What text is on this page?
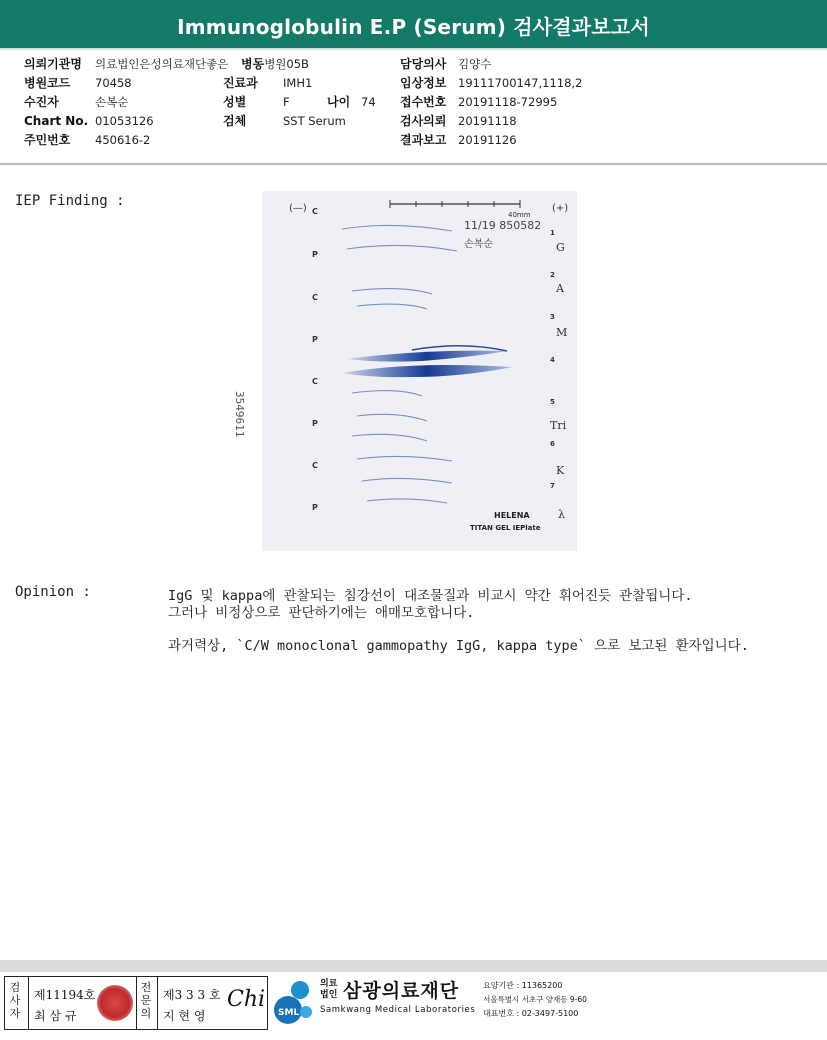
Immunoglobulin E.P (Serum) 검사결과보고서
의뢰기관명	의료법인은성의료재단좋은
병원코드	70458
수진자	손복순
Chart No. 01053126
주민번호	450616-2
병동 병원05B
진료과	IMH1
성별	F	나이 74
검체	SST Serum
담당의사	김양수
임상정보	19111700147,1118,2
접수번호	20191118-72995
검사의뢰	20191118
결과보고	20191126
IEP Finding :	(—)	(+)
40mm
11/19 850582
손복순
3549611
C
P
C
P
C
P
C
P
1
2
3
4
5
6
7
G
A
M
Tri
K
λ
HELENA
TITAN GEL IEPlate
Opinion :	IgG 및 kappa에 관찰되는 침강선이 대조물질과 비교시 약간 휘어진듯 관찰됩니다.
그러나 비정상으로 판단하기에는 애매모호합니다.
과거력상, `C/W monoclonal gammopathy IgG, kappa type` 으로 보고된 환자입니다.
검사자
제11194호
최 삼 규
전문의
제3 3 3 호
지 현 영
Chi
SML
의료법인 삼광의료재단
Samkwang Medical Laboratories
요양기관 : 11365200
서울특별시 서초구 양재동 9-60
대표번호 : 02-3497-5100
